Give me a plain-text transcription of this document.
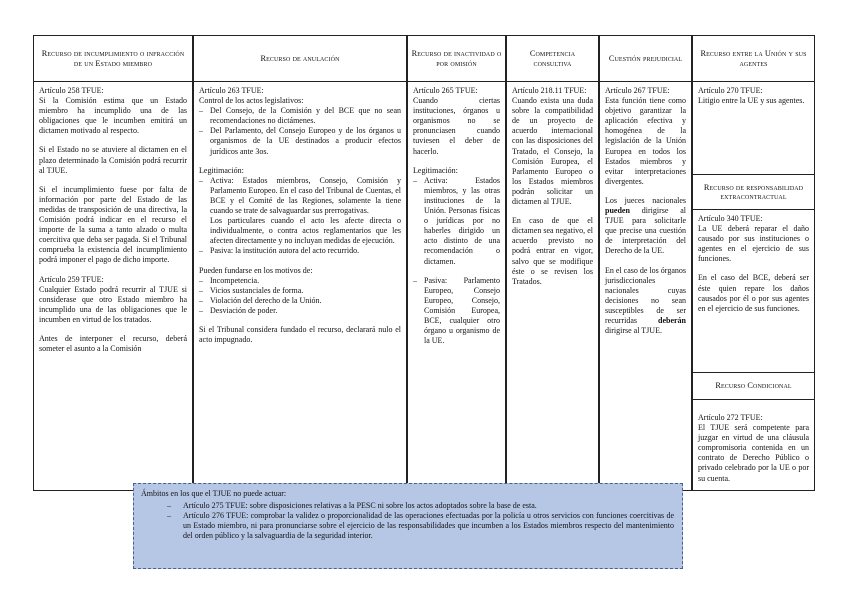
Recurso de incumplimiento o infracción de un Estado miembro
Artículo 258 TFUE:

Si la Comisión estima que un Estado miembro ha incumplido una de las obligaciones que le incumben emitirá un dictamen motivado al respecto.

Si el Estado no se atuviere al dictamen en el plazo determinado la Comisión podrá recurrir al TJUE.

Si el incumplimiento fuese por falta de información por parte del Estado de las medidas de transposición de una directiva, la Comisión podrá indicar en el recurso el importe de la suma a tanto alzado o multa coercitiva que deba ser pagada. Si el Tribunal comprueba la existencia del incumplimiento podrá imponer el pago de dicho importe.

Artículo 259 TFUE:

Cualquier Estado podrá recurrir al TJUE si considerase que otro Estado miembro ha incumplido una de las obligaciones que le incumben en virtud de los tratados.

Antes de interponer el recurso, deberá someter el asunto a la Comisión

Recurso de anulación
Artículo 263 TFUE:
Control de los actos legislativos:
– Del Consejo, de la Comisión y del BCE que no sean recomendaciones no dictámenes.
– Del Parlamento, del Consejo Europeo y de los órganos u organismos de la UE destinados a producir efectos jurídicos ante 3os.
Legitimación:
– Activa: Estados miembros, Consejo, Comisión y Parlamento Europeo. En el caso del Tribunal de Cuentas, el BCE y el Comité de las Regiones, solamente la tiene cuando se trate de salvaguardar sus prerrogativas.
Los particulares cuando el acto les afecte directa o individualmente, o contra actos reglamentarios que les afecten directamente y no incluyan medidas de ejecución.
– Pasiva: la institución autora del acto recurrido.
Pueden fundarse en los motivos de:
– Incompetencia.
– Vicios sustanciales de forma.
– Violación del derecho de la Unión.
– Desviación de poder.
Si el Tribunal considera fundado el recurso, declarará nulo el acto impugnado.
Recurso de inactividad o por omisión
Artículo 265 TFUE:

Cuando ciertas instituciones, órganos u organismos no se pronunciasen cuando tuviesen el deber de hacerlo.

Legitimación:
– Activa: Estados miembros, y las otras instituciones de la Unión. Personas físicas o jurídicas por no haberles dirigido un acto distinto de una recomendación o dictamen.
– Pasiva: Parlamento Europeo, Consejo Europeo, Consejo, Comisión Europea, BCE, cualquier otro órgano u organismo de la UE.
Competencia consultiva
Artículo 218.11 TFUE:

Cuando exista una duda sobre la compatibilidad de un proyecto de acuerdo internacional con las disposiciones del Tratado, el Consejo, la Comisión Europea, el Parlamento Europeo o los Estados miembros podrán solicitar un dictamen al TJUE.

En caso de que el dictamen sea negativo, el acuerdo previsto no podrá entrar en vigor, salvo que se modifique éste o se revisen los Tratados.

Cuestión prejudicial
Artículo 267 TFUE:

Esta función tiene como objetivo garantizar la aplicación efectiva y homogénea de la legislación de la Unión Europea en todos los Estados miembros y evitar interpretaciones divergentes.

Los jueces nacionales pueden dirigirse al TJUE para solicitarle que precise una cuestión de interpretación del Derecho de la UE.

En el caso de los órganos jurisdiccionales nacionales cuyas decisiones no sean susceptibles de ser recurridas	deberán dirigirse al TJUE.

Recurso entre la Unión y sus agentes
Artículo 270 TFUE:
Litigio entre la UE y sus agentes.
Recurso de responsabilidad extracontractual
Artículo 340 TFUE:

La UE deberá reparar el daño causado por sus instituciones o agentes en el ejercicio de sus funciones.

En el caso del BCE, deberá ser éste quien repare los daños causados por él o por sus agentes en el ejercicio de sus funciones.

Recurso Condicional
Artículo 272 TFUE:
El TJUE será competente para juzgar en virtud de una cláusula compromisoria contenida en un contrato de Derecho Público o privado celebrado por la UE o por su cuenta.
Ámbitos en los que el TJUE no puede actuar:
– Artículo 275 TFUE: sobre disposiciones relativas a la PESC ni sobre los actos adoptados sobre la base de esta.
– Artículo 276 TFUE: comprobar la validez o proporcionalidad de las operaciones efectuadas por la policía u otros servicios con funciones coercitivas de un Estado miembro, ni para pronunciarse sobre el ejercicio de las responsabilidades que incumben a los Estados miembros respecto del mantenimiento del orden público y la salvaguardia de la seguridad interior.
